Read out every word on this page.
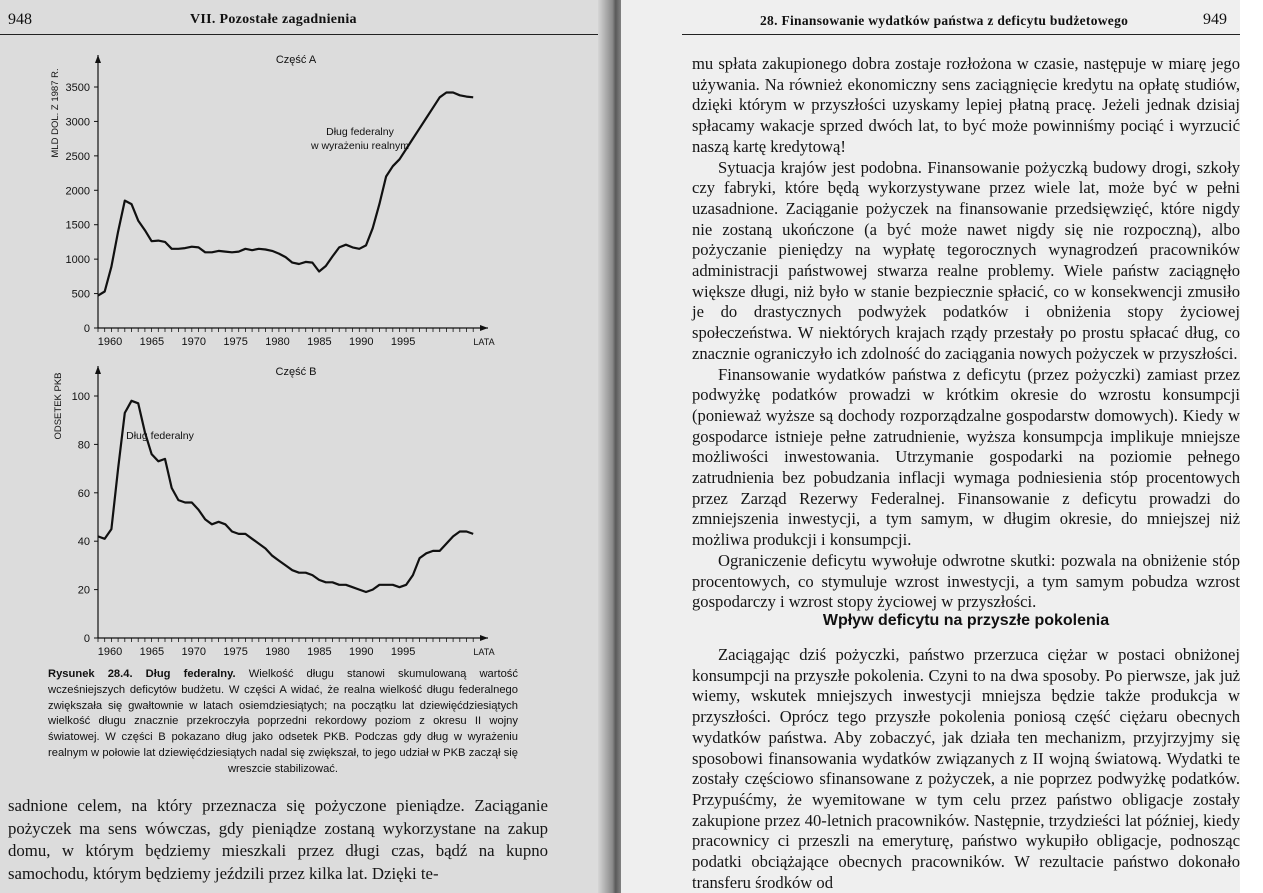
948	VII. Pozostałe zagadnienia
1960 1965 1970 1975 1980 1985 1990 1995	LATA
0
500
1000
1500
2000
2500
3000
3500
MLD DOL. Z 1987 R.
Część A
Dług federalny
w wyrażeniu realnym
1960 1965 1970 1975 1980 1985 1990 1995	LATA
0
20
40
60
80
100
ODSETEK PKB
Część B
Dług federalny
Rysunek 28.4. Dług federalny. Wielkość długu stanowi skumulowaną wartość wcześniejszych deficytów budżetu. W części A widać, że realna wielkość długu federalnego zwiększała się gwałtownie w latach osiemdziesiątych; na początku lat dziewięćdziesiątych wielkość długu znacznie przekroczyła poprzedni rekordowy poziom z okresu II wojny światowej. W części B pokazano dług jako odsetek PKB. Podczas gdy dług w wyrażeniu realnym w połowie lat dziewięćdziesiątych nadal się zwiększał, to jego udział w PKB zaczął się wreszcie stabilizować.

sadnione celem, na który przeznacza się pożyczone pieniądze. Zaciąganie pożyczek ma sens wówczas, gdy pieniądze zostaną wykorzystane na zakup domu, w którym będziemy mieszkali przez długi czas, bądź na kupno samochodu, którym będziemy jeździli przez kilka lat. Dzięki te-

28. Finansowanie wydatków państwa z deficytu budżetowego	949

mu spłata zakupionego dobra zostaje rozłożona w czasie, następuje w miarę jego używania. Na również ekonomiczny sens zaciągnięcie kredytu na opłatę studiów, dzięki którym w przyszłości uzyskamy lepiej płatną pracę. Jeżeli jednak dzisiaj spłacamy wakacje sprzed dwóch lat, to być może powinniśmy pociąć i wyrzucić naszą kartę kredytową!

Sytuacja krajów jest podobna. Finansowanie pożyczką budowy drogi, szkoły czy fabryki, które będą wykorzystywane przez wiele lat, może być w pełni uzasadnione. Zaciąganie pożyczek na finansowanie przedsięwzięć, które nigdy nie zostaną ukończone (a być może nawet nigdy się nie rozpoczną), albo pożyczanie pieniędzy na wypłatę tegorocznych wynagrodzeń pracowników administracji państwowej stwarza realne problemy. Wiele państw zaciągnęło większe długi, niż było w stanie bezpiecznie spłacić, co w konsekwencji zmusiło je do drastycznych podwyżek podatków i obniżenia stopy życiowej społeczeństwa. W niektórych krajach rządy przestały po prostu spłacać dług, co znacznie ograniczyło ich zdolność do zaciągania nowych pożyczek w przyszłości.

Finansowanie wydatków państwa z deficytu (przez pożyczki) zamiast przez podwyżkę podatków prowadzi w krótkim okresie do wzrostu konsumpcji (ponieważ wyższe są dochody rozporządzalne gospodarstw domowych). Kiedy w gospodarce istnieje pełne zatrudnienie, wyższa konsumpcja implikuje mniejsze możliwości inwestowania. Utrzymanie gospodarki na poziomie pełnego zatrudnienia bez pobudzania inflacji wymaga podniesienia stóp procentowych przez Zarząd Rezerwy Federalnej. Finansowanie z deficytu prowadzi do zmniejszenia inwestycji, a tym samym, w długim okresie, do mniejszej niż możliwa produkcji i konsumpcji.

Ograniczenie deficytu wywołuje odwrotne skutki: pozwala na obniżenie stóp procentowych, co stymuluje wzrost inwestycji, a tym samym pobudza wzrost gospodarczy i wzrost stopy życiowej w przyszłości.

Wpływ deficytu na przyszłe pokolenia

Zaciągając dziś pożyczki, państwo przerzuca ciężar w postaci obniżonej konsumpcji na przyszłe pokolenia. Czyni to na dwa sposoby. Po pierwsze, jak już wiemy, wskutek mniejszych inwestycji mniejsza będzie także produkcja w przyszłości. Oprócz tego przyszłe pokolenia poniosą część ciężaru obecnych wydatków państwa. Aby zobaczyć, jak działa ten mechanizm, przyjrzyjmy się sposobowi finansowania wydatków związanych z II wojną światową. Wydatki te zostały częściowo sfinansowane z pożyczek, a nie poprzez podwyżkę podatków. Przypuśćmy, że wyemitowane w tym celu przez państwo obligacje zostały zakupione przez 40-letnich pracowników. Następnie, trzydzieści lat później, kiedy pracownicy ci przeszli na emeryturę, państwo wykupiło obligacje, podnosząc podatki obciążające obecnych pracowników. W rezultacie państwo dokonało transferu środków od
